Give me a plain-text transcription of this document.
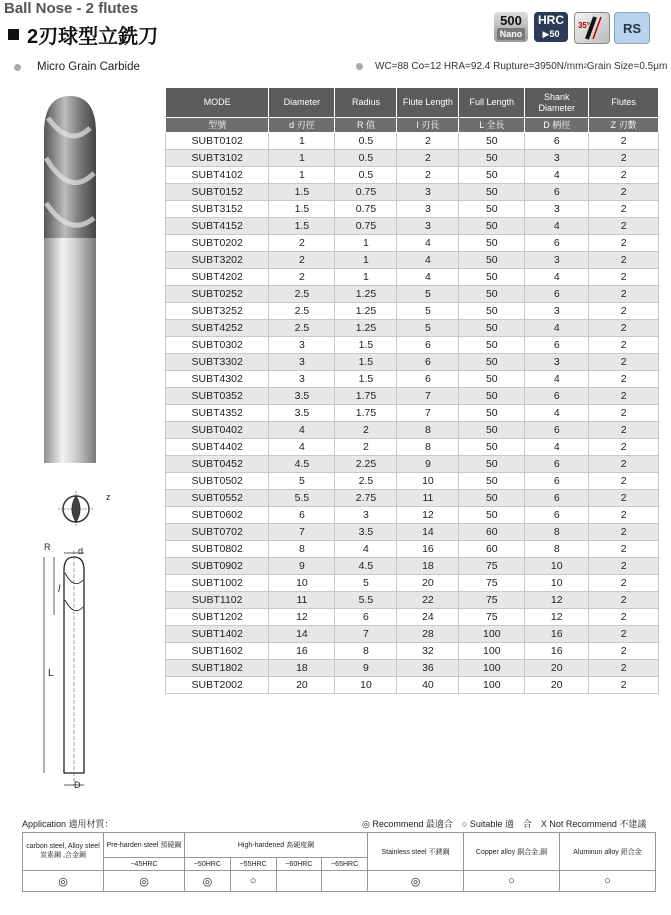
Ball Nose - 2 flutes
2刃球型立銑刀
500
Nano
HRC
▶50
35°	RS
Micro Grain Carbide	WC=88 Co=12 HRA=92.4 Rupture=3950N/mm 2 Grain Size=0.5μm
z
R	d
l
L
D
MODE	Diameter	Radius	Flute Length	Full Length	Shank Diameter	Flutes
型號	d 刃徑	R 值	l 刃長	L 全長	D 柄徑	Z 刃數
SUBT0102	1	0.5	2	50	6	2
SUBT3102	1	0.5	2	50	3	2
SUBT4102	1	0.5	2	50	4	2
SUBT0152	1.5	0.75	3	50	6	2
SUBT3152	1.5	0.75	3	50	3	2
SUBT4152	1.5	0.75	3	50	4	2
SUBT0202	2	1	4	50	6	2
SUBT3202	2	1	4	50	3	2
SUBT4202	2	1	4	50	4	2
SUBT0252	2.5	1.25	5	50	6	2
SUBT3252	2.5	1.25	5	50	3	2
SUBT4252	2.5	1.25	5	50	4	2
SUBT0302	3	1.5	6	50	6	2
SUBT3302	3	1.5	6	50	3	2
SUBT4302	3	1.5	6	50	4	2
SUBT0352	3.5	1.75	7	50	6	2
SUBT4352	3.5	1.75	7	50	4	2
SUBT0402	4	2	8	50	6	2
SUBT4402	4	2	8	50	4	2
SUBT0452	4.5	2.25	9	50	6	2
SUBT0502	5	2.5	10	50	6	2
SUBT0552	5.5	2.75	11	50	6	2
SUBT0602	6	3	12	50	6	2
SUBT0702	7	3.5	14	60	8	2
SUBT0802	8	4	16	60	8	2
SUBT0902	9	4.5	18	75	10	2
SUBT1002	10	5	20	75	10	2
SUBT1102	11	5.5	22	75	12	2
SUBT1202	12	6	24	75	12	2
SUBT1402	14	7	28	100	16	2
SUBT1602	16	8	32	100	16	2
SUBT1802	18	9	36	100	20	2
SUBT2002	20	10	40	100	20	2
Application 適用材質：	◎ Recommend 最適合　○ Suitable 適　合　X Not Recommend 不建議
carbon steel, Alloy steel 炭素鋼 ,合金鋼	Pre-harden steel 預硬鋼	High-hardened 高硬度鋼				Stainless steel 不銹鋼	Copper alloy 銅合金,銅	Aluminun alloy 鋁合金
	~45HRC	~50HRC	~55HRC	~60HRC	~65HRC			
◎	◎	◎	○			◎	○	○
